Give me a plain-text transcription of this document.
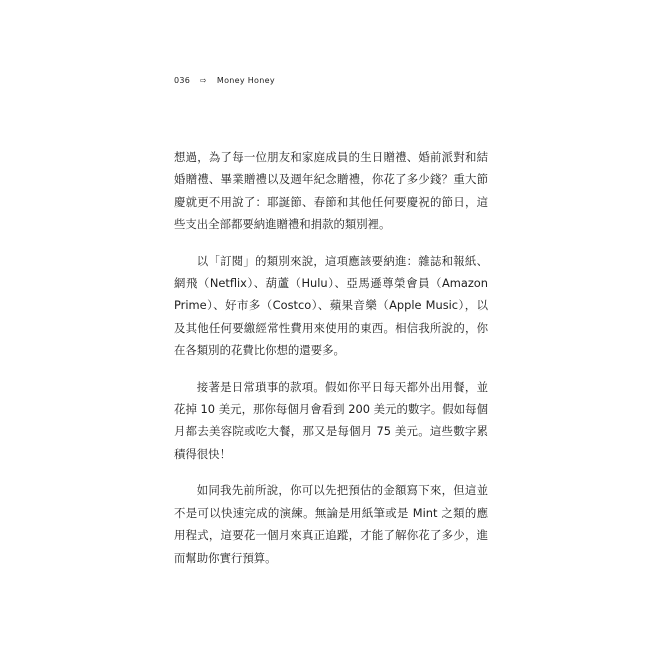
036 ⇨ Money Honey

想過，為了每一位朋友和家庭成員的生日贈禮、婚前派對和結婚贈禮、畢業贈禮以及週年紀念贈禮，你花了多少錢？重大節慶就更不用說了：耶誕節、春節和其他任何要慶祝的節日，這些支出全部都要納進贈禮和捐款的類別裡。

以「訂閱」的類別來說，這項應該要納進：雜誌和報紙、網飛（Netflix）、葫蘆（Hulu）、亞馬遜尊榮會員（Amazon Prime）、好市多（Costco）、蘋果音樂（Apple Music），以及其他任何要繳經常性費用來使用的東西。相信我所說的，你在各類別的花費比你想的還要多。

接著是日常瑣事的款項。假如你平日每天都外出用餐，並花掉 10 美元，那你每個月會看到 200 美元的數字。假如每個月都去美容院或吃大餐，那又是每個月 75 美元。這些數字累積得很快！

如同我先前所說，你可以先把預估的金額寫下來，但這並不是可以快速完成的演練。無論是用紙筆或是 Mint 之類的應用程式，這要花一個月來真正追蹤，才能了解你花了多少，進而幫助你實行預算。
